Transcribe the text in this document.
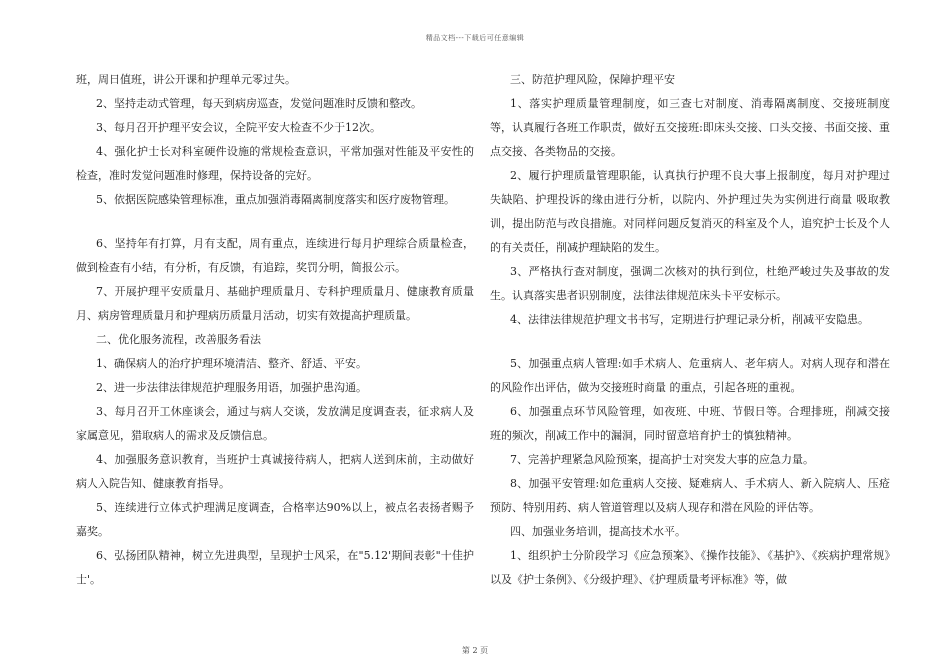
精品文档---下载后可任意编辑

班，周日值班，讲公开课和护理单元零过失。

2、坚持走动式管理，每天到病房巡查，发觉问题准时反馈和整改。

3、每月召开护理平安会议，全院平安大检查不少于12次。

4、强化护士长对科室硬件设施的常规检查意识，平常加强对性能及平安性的检查，准时发觉问题准时修理，保持设备的完好。

5、依据医院感染管理标准，重点加强消毒隔离制度落实和医疗废物管理。

6、坚持年有打算，月有支配，周有重点，连续进行每月护理综合质量检查，做到检查有小结，有分析，有反馈，有追踪，奖罚分明，简报公示。

7、开展护理平安质量月、基础护理质量月、专科护理质量月、健康教育质量月、病房管理质量月和护理病历质量月活动，切实有效提高护理质量。

二、优化服务流程，改善服务看法

1、确保病人的治疗护理环境清洁、整齐、舒适、平安。

2、进一步法律法律规范护理服务用语，加强护患沟通。

3、每月召开工休座谈会，通过与病人交谈，发放满足度调查表，征求病人及家属意见，猎取病人的需求及反馈信息。

4、加强服务意识教育，当班护士真诚接待病人，把病人送到床前，主动做好病人入院告知、健康教育指导。

5、连续进行立体式护理满足度调查，合格率达90%以上，被点名表扬者赐予嘉奖。

6、弘扬团队精神，树立先进典型，呈现护士风采，在"5.12'期间表彰"十佳护士'。

三、防范护理风险，保障护理平安

1、落实护理质量管理制度，如三查七对制度、消毒隔离制度、交接班制度等，认真履行各班工作职责，做好五交接班:即床头交接、口头交接、书面交接、重点交接、各类物品的交接。

2、履行护理质量管理职能，认真执行护理不良大事上报制度，每月对护理过失缺陷、护理投诉的缘由进行分析，以院内、外护理过失为实例进行商量 吸取教训，提出防范与改良措施。对同样问题反复消灭的科室及个人，追究护士长及个人的有关责任，削减护理缺陷的发生。

3、严格执行查对制度，强调二次核对的执行到位，杜绝严峻过失及事故的发生。认真落实患者识别制度，法律法律规范床头卡平安标示。

4、法律法律规范护理文书书写，定期进行护理记录分析，削减平安隐患。

5、加强重点病人管理:如手术病人、危重病人、老年病人。对病人现存和潜在的风险作出评估，做为交接班时商量 的重点，引起各班的重视。

6、加强重点环节风险管理，如夜班、中班、节假日等。合理排班，削减交接班的频次，削减工作中的漏洞，同时留意培育护士的慎独精神。

7、完善护理紧急风险预案，提高护士对突发大事的应急力量。

8、加强平安管理:如危重病人交接、疑难病人、手术病人、新入院病人、压疮预防、特别用药、病人管道管理以及病人现存和潜在风险的评估等。

四、加强业务培训，提高技术水平。

1、组织护士分阶段学习《应急预案》、《操作技能》、《基护》、《疾病护理常规》以及《护士条例》、《分级护理》、《护理质量考评标准》等，做

第 2 页
